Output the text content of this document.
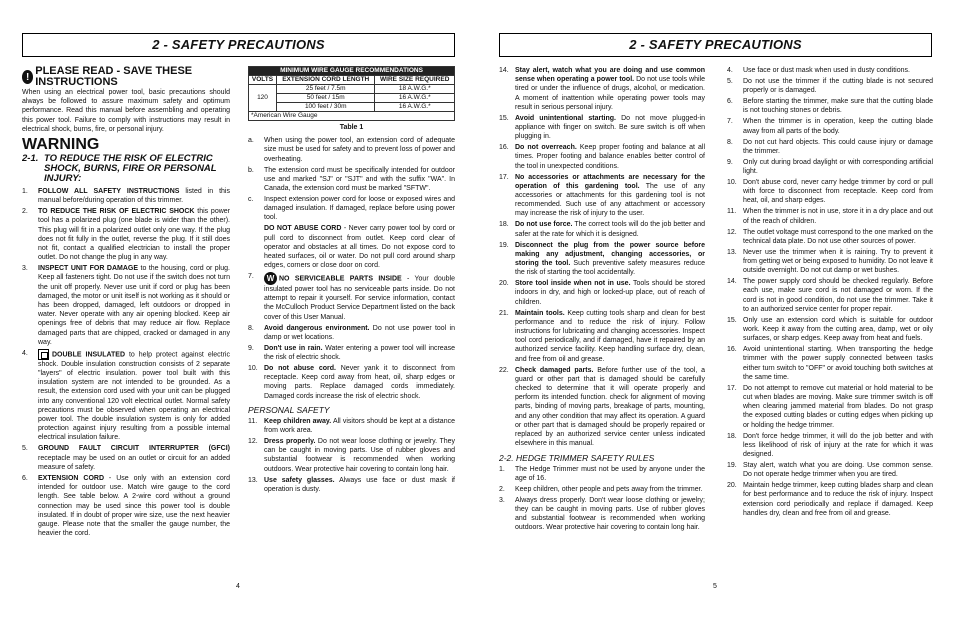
2 - SAFETY PRECAUTIONS
! PLEASE READ - SAVE THESE INSTRUCTIONS
When using an electrical power tool, basic precautions should always be followed to assure maximum safety and optimum performance. Read this manual before assembling and operating this power tool. Failure to comply with instructions may result in electrical shock, burns, fire, or personal injury.
WARNING
2-1. TO REDUCE THE RISK OF ELECTRIC SHOCK, BURNS, FIRE OR PERSONAL INJURY:
1.	FOLLOW ALL SAFETY INSTRUCTIONS listed in this manual before/during operation of this trimmer.
2.	TO REDUCE THE RISK OF ELECTRIC SHOCK this power tool has a polarized plug (one blade is wider than the other). This plug will fit in a polarized outlet only one way. If the plug does not fit fully in the outlet, reverse the plug. If it still does not fit, contact a qualified electrician to install the proper outlet. Do not change the plug in any way.
3.	INSPECT UNIT FOR DAMAGE to the housing, cord or plug. Keep all fasteners tight. Do not use if the switch does not turn the unit off properly. Never use unit if cord or plug has been damaged, the motor or unit itself is not working as it should or has been dropped, damaged, left outdoors or dropped in water. Never operate with any air opening blocked. Keep air openings free of debris that may reduce air flow. Replace damaged parts that are chipped, cracked or damaged in any way.
4.	DOUBLE INSULATED to help protect against electric shock. Double insulation construction consists of 2 separate "layers" of electric insulation. power tool built with this insulation system are not intended to be grounded. As a result, the extension cord used with your unit can be plugged into any conventional 120 volt electrical outlet. Normal safety precautions must be observed when operating an electrical power tool. The double insulation system is only for added protection against injury resulting from a possible internal electrical insulation failure.
5.	GROUND FAULT CIRCUIT INTERRUPTER (GFCI) receptacle may be used on an outlet or circuit for an added measure of safety.
6.	EXTENSION CORD - Use only with an extension cord intended for outdoor use. Match wire gauge to the cord length. See table below. A 2-wire cord without a ground connection may be used since this power tool is double insulated. If in doubt of proper wire size, use the next heavier gauge. Please note that the smaller the gauge number, the heavier the cord.
MINIMUM WIRE GAUGE RECOMMENDATIONS		
VOLTS	EXTENSION CORD LENGTH	WIRE SIZE REQUIRED
120	25 feet / 7.5m	18 A.W.G.*
	50 feet / 15m	16 A.W.G.*
	100 feet / 30m	16 A.W.G.*
*American Wire Gauge		
Table 1
a.	When using the power tool, an extension cord of adequate size must be used for safety and to prevent loss of power and overheating.
b.	The extension cord must be specifically intended for outdoor use and marked "SJ" or "SJT" and with the suffix "WA". In Canada, the extension cord must be marked "SFTW".
c.	Inspect extension power cord for loose or exposed wires and damaged insulation. If damaged, replace before using power tool.
DO NOT ABUSE CORD - Never carry power tool by cord or pull cord to disconnect from outlet. Keep cord clear of operator and obstacles at all times. Do not expose cord to heated surfaces, oil or water. Do not pull cord around sharp edges, corners or close door on cord.
7.	W NO SERVICEABLE PARTS INSIDE - Your double insulated power tool has no serviceable parts inside. Do not attempt to repair it yourself. For service information, contact the McCulloch Product Service Department listed on the back cover of this User Manual.
8.	Avoid dangerous environment. Do not use power tool in damp or wet locations.
9.	Don't use in rain. Water entering a power tool will increase the risk of electric shock.
10. Do not abuse cord. Never yank it to disconnect from receptacle. Keep cord away from heat, oil, sharp edges or moving parts. Replace damaged cords immediately. Damaged cords increase the risk of electric shock.
PERSONAL SAFETY
11. Keep children away. All visitors should be kept at a distance from work area.
12. Dress properly. Do not wear loose clothing or jewelry. They can be caught in moving parts. Use of rubber gloves and substantial footwear is recommended when working outdoors. Wear protective hair covering to contain long hair.
13. Use safety glasses. Always use face or dust mask if operation is dusty.
4
2 - SAFETY PRECAUTIONS
14. Stay alert, watch what you are doing and use common sense when operating a power tool. Do not use tools while tired or under the influence of drugs, alcohol, or medication. A moment of inattention while operating power tools may result in serious personal injury.
15. Avoid unintentional starting. Do not move plugged-in appliance with finger on switch. Be sure switch is off when plugging in.
16. Do not overreach. Keep proper footing and balance at all times. Proper footing and balance enables better control of the tool in unexpected conditions.
17. No accessories or attachments are necessary for the operation of this gardening tool. The use of any accessories or attachments for this gardening tool is not recommended. Such use of any attachment or accessory may increase the risk of injury to the user.
18. Do not use force. The correct tools will do the job better and safer at the rate for which it is designed.
19. Disconnect the plug from the power source before making any adjustment, changing accessories, or storing the tool. Such preventive safety measures reduce the risk of starting the tool accidentally.
20. Store tool inside when not in use. Tools should be stored indoors in dry, and high or locked-up place, out of reach of children.
21. Maintain tools. Keep cutting tools sharp and clean for best performance and to reduce the risk of injury. Follow instructions for lubricating and changing accessories. Inspect tool cord periodically, and if damaged, have it repaired by an authorized service facility. Keep handling surface dry, clean, and free from oil and grease.
22. Check damaged parts. Before further use of the tool, a guard or other part that is damaged should be carefully checked to determine that it will operate properly and perform its intended function. check for alignment of moving parts, binding of moving parts, breakage of parts, mounting, and any other condition that may affect its operation. A guard or other part that is damaged should be properly repaired or replaced by an authorized service center unless indicated elsewhere in this manual.
2-2. HEDGE TRIMMER SAFETY RULES
1.	The Hedge Trimmer must not be used by anyone under the age of 16.
2.	Keep children, other people and pets away from the trimmer.
3.	Always dress properly. Don't wear loose clothing or jewelry; they can be caught in moving parts. Use of rubber gloves and substantial footwear is recommended when working outdoors. Wear protective hair covering to contain long hair.
4.	Use face or dust mask when used in dusty conditions.
5.	Do not use the trimmer if the cutting blade is not secured properly or is damaged.
6.	Before starting the trimmer, make sure that the cutting blade is not touching stones or debris.
7.	When the trimmer is in operation, keep the cutting blade away from all parts of the body.
8.	Do not cut hard objects. This could cause injury or damage the trimmer.
9.	Only cut during broad daylight or with corresponding artificial light.
10. Don't abuse cord, never carry hedge trimmer by cord or pull with force to disconnect from receptacle. Keep cord from heat, oil, and sharp edges.
11. When the trimmer is not in use, store it in a dry place and out of the reach of children.
12. The outlet voltage must correspond to the one marked on the technical data plate. Do not use other sources of power.
13. Never use the trimmer when it is raining. Try to prevent it from getting wet or being exposed to humidity. Do not leave it outside overnight. Do not cut damp or wet bushes.
14. The power supply cord should be checked regularly. Before each use, make sure cord is not damaged or worn. If the cord is not in good condition, do not use the trimmer. Take it to an authorized service center for proper repair.
15. Only use an extension cord which is suitable for outdoor work. Keep it away from the cutting area, damp, wet or oily surfaces, or sharp edges. Keep away from heat and fuels.
16. Avoid unintentional starting. When transporting the hedge trimmer with the power supply connected between tasks either turn switch to "OFF" or avoid touching both switches at the same time.
17. Do not attempt to remove cut material or hold material to be cut when blades are moving. Make sure trimmer switch is off when clearing jammed material from blades. Do not grasp the exposed cutting blades or cutting edges when picking up or holding the hedge trimmer.
18. Don't force hedge trimmer, it will do the job better and with less likelihood of risk of injury at the rate for which it was designed.
19. Stay alert, watch what you are doing. Use common sense. Do not operate hedge trimmer when you are tired.
20. Maintain hedge trimmer, keep cutting blades sharp and clean for best performance and to reduce the risk of injury. Inspect extension cord periodically and replace if damaged. Keep handles dry, clean and free from oil and grease.
5
